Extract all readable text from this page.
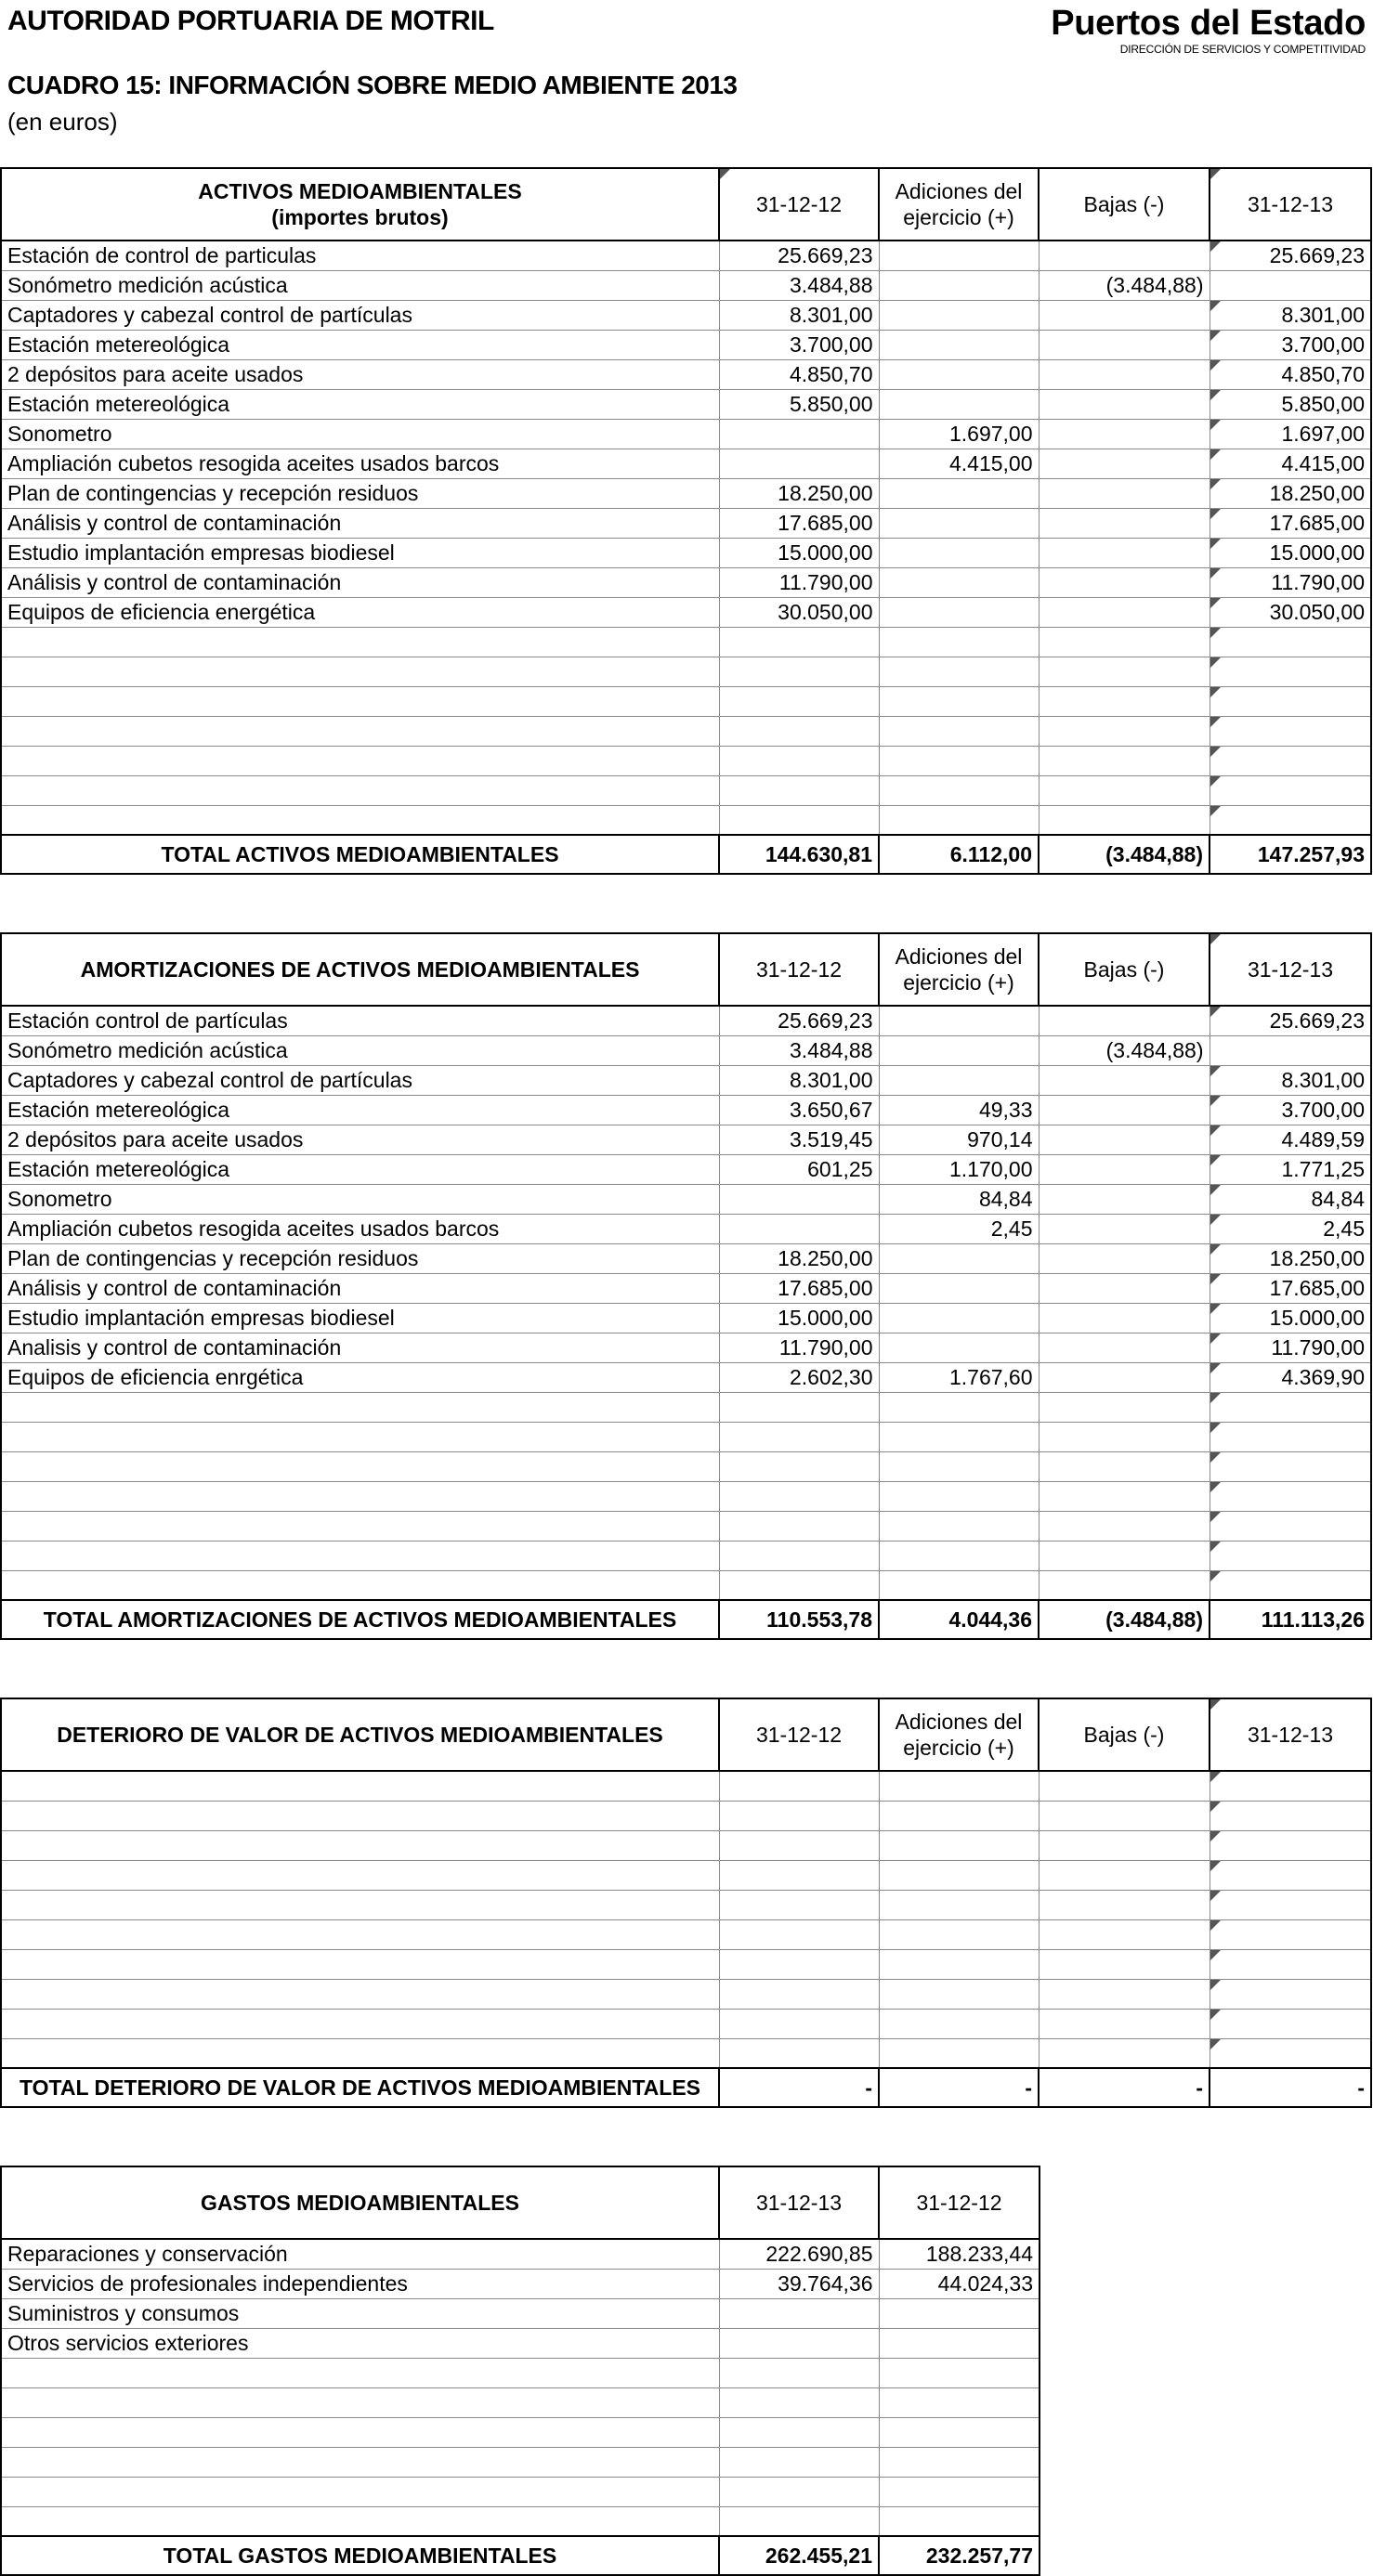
AUTORIDAD PORTUARIA DE MOTRIL	Puertos del Estado
DIRECCIÓN DE SERVICIOS Y COMPETITIVIDAD
CUADRO 15: INFORMACIÓN SOBRE MEDIO AMBIENTE 2013
(en euros)
ACTIVOS MEDIOAMBIENTALES
(importes brutos)	31-12-12	Adiciones del ejercicio (+)	Bajas (-)	31-12-13
Estación de control de particulas	25.669,23			25.669,23
Sonómetro medición acústica	3.484,88		(3.484,88)	
Captadores y cabezal control de partículas	8.301,00			8.301,00
Estación metereológica	3.700,00			3.700,00
2 depósitos para aceite usados	4.850,70			4.850,70
Estación metereológica	5.850,00			5.850,00
Sonometro		1.697,00		1.697,00
Ampliación cubetos resogida aceites usados barcos		4.415,00		4.415,00
Plan de contingencias y recepción residuos	18.250,00			18.250,00
Análisis y control de contaminación	17.685,00			17.685,00
Estudio implantación empresas biodiesel	15.000,00			15.000,00
Análisis y control de contaminación	11.790,00			11.790,00
Equipos de eficiencia energética	30.050,00			30.050,00

TOTAL ACTIVOS MEDIOAMBIENTALES	144.630,81	6.112,00	(3.484,88)	147.257,93
AMORTIZACIONES DE ACTIVOS MEDIOAMBIENTALES	31-12-12	Adiciones del ejercicio (+)	Bajas (-)	31-12-13
Estación control de partículas	25.669,23			25.669,23
Sonómetro medición acústica	3.484,88		(3.484,88)	
Captadores y cabezal control de partículas	8.301,00			8.301,00
Estación metereológica	3.650,67	49,33		3.700,00
2 depósitos para aceite usados	3.519,45	970,14		4.489,59
Estación metereológica	601,25	1.170,00		1.771,25
Sonometro		84,84		84,84
Ampliación cubetos resogida aceites usados barcos		2,45		2,45
Plan de contingencias y recepción residuos	18.250,00			18.250,00
Análisis y control de contaminación	17.685,00			17.685,00
Estudio implantación empresas biodiesel	15.000,00			15.000,00
Analisis y control de contaminación	11.790,00			11.790,00
Equipos de eficiencia enrgética	2.602,30	1.767,60		4.369,90

TOTAL AMORTIZACIONES DE ACTIVOS MEDIOAMBIENTALES	110.553,78	4.044,36	(3.484,88)	111.113,26
DETERIORO DE VALOR DE ACTIVOS MEDIOAMBIENTALES	31-12-12	Adiciones del ejercicio (+)	Bajas (-)	31-12-13

TOTAL DETERIORO DE VALOR DE ACTIVOS MEDIOAMBIENTALES	-	-	-	-
GASTOS MEDIOAMBIENTALES	31-12-13	31-12-12
Reparaciones y conservación	222.690,85	188.233,44
Servicios de profesionales independientes	39.764,36	44.024,33
Suministros y consumos		
Otros servicios exteriores		

TOTAL GASTOS MEDIOAMBIENTALES	262.455,21	232.257,77
